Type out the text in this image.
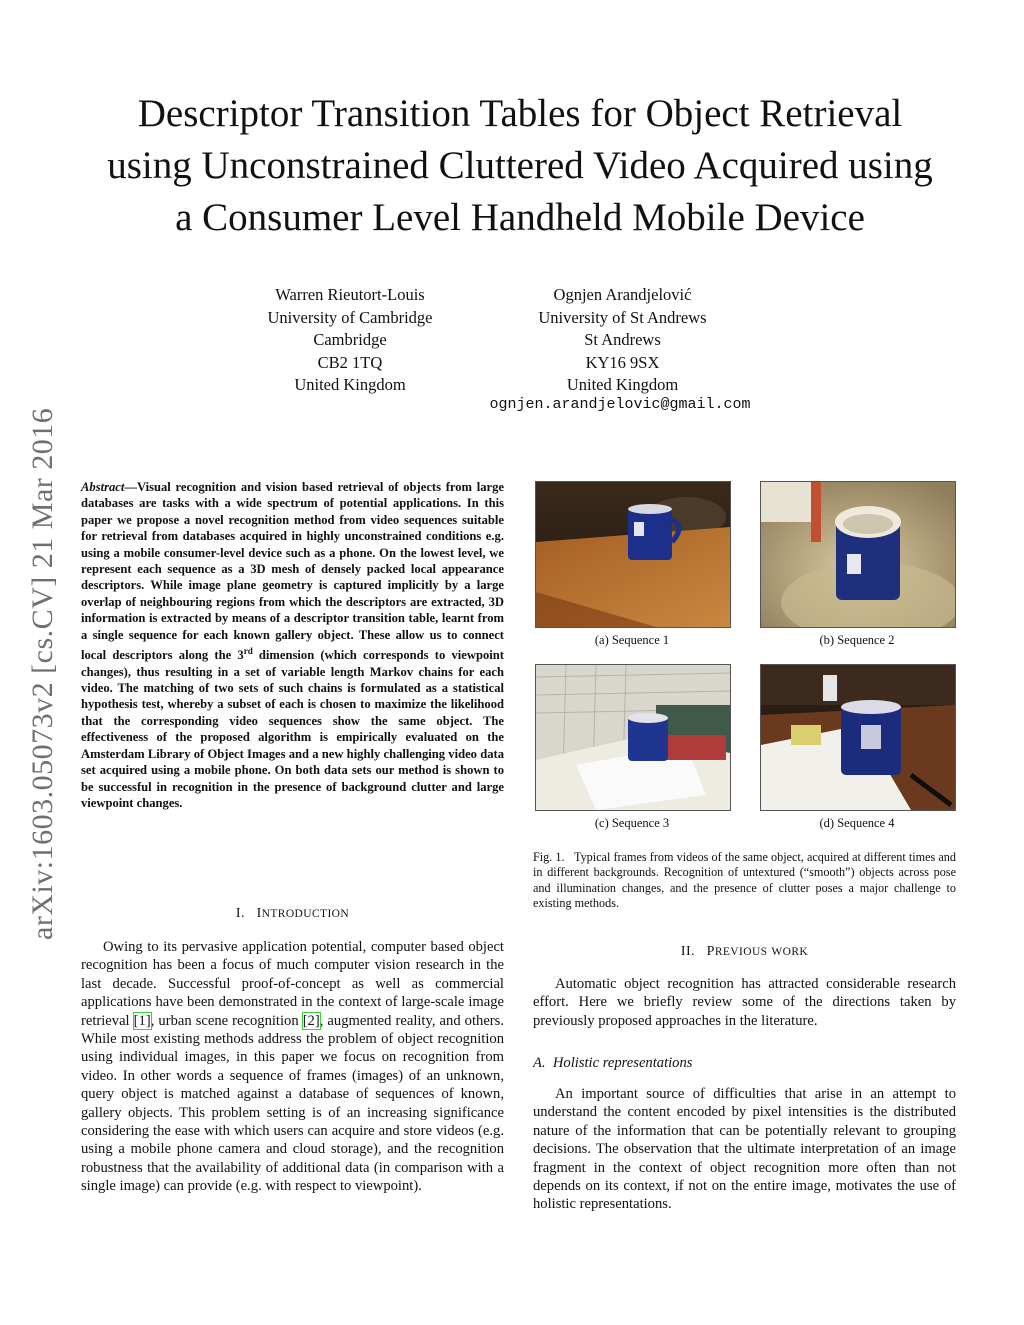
arXiv:1603.05073v2 [cs.CV] 21 Mar 2016
Descriptor Transition Tables for Object Retrieval
using Unconstrained Cluttered Video Acquired using
a Consumer Level Handheld Mobile Device
Warren Rieutort-Louis
University of Cambridge
Cambridge
CB2 1TQ
United Kingdom
Ognjen Arandjelović
University of St Andrews
St Andrews
KY16 9SX
United Kingdom
ognjen.arandjelovic@gmail.com
Abstract—Visual recognition and vision based retrieval of objects from large databases are tasks with a wide spectrum of potential applications. In this paper we propose a novel recognition method from video sequences suitable for retrieval from databases acquired in highly unconstrained conditions e.g. using a mobile consumer-level device such as a phone. On the lowest level, we represent each sequence as a 3D mesh of densely packed local appearance descriptors. While image plane geometry is captured implicitly by a large overlap of neighbouring regions from which the descriptors are extracted, 3D information is extracted by means of a descriptor transition table, learnt from a single sequence for each known gallery object. These allow us to connect local descriptors along the 3rd dimension (which corresponds to viewpoint changes), thus resulting in a set of variable length Markov chains for each video. The matching of two sets of such chains is formulated as a statistical hypothesis test, whereby a subset of each is chosen to maximize the likelihood that the corresponding video sequences show the same object. The effectiveness of the proposed algorithm is empirically evaluated on the Amsterdam Library of Object Images and a new highly challenging video data set acquired using a mobile phone. On both data sets our method is shown to be successful in recognition in the presence of background clutter and large viewpoint changes.
I. INTRODUCTION
Owing to its pervasive application potential, computer based object recognition has been a focus of much computer vision research in the last decade. Successful proof-of-concept as well as commercial applications have been demonstrated in the context of large-scale image retrieval [1], urban scene recognition [2], augmented reality, and others. While most existing methods address the problem of object recognition using individual images, in this paper we focus on recognition from video. In other words a sequence of frames (images) of an unknown, query object is matched against a database of sequences of known, gallery objects. This problem setting is of an increasing significance considering the ease with which users can acquire and store videos (e.g. using a mobile phone camera and cloud storage), and the recognition robustness that the availability of additional data (in comparison with a single image) can provide (e.g. with respect to viewpoint).
(a) Sequence 1	(b) Sequence 2
(c) Sequence 3	(d) Sequence 4
Fig. 1. Typical frames from videos of the same object, acquired at different times and in different backgrounds. Recognition of untextured (“smooth”) objects across pose and illumination changes, and the presence of clutter poses a major challenge to existing methods.
II. PREVIOUS WORK
Automatic object recognition has attracted considerable research effort. Here we briefly review some of the directions taken by previously proposed approaches in the literature.
A. Holistic representations
An important source of difficulties that arise in an attempt to understand the content encoded by pixel intensities is the distributed nature of the information that can be potentially relevant to grouping decisions. The observation that the ultimate interpretation of an image fragment in the context of object recognition more often than not depends on its context, if not on the entire image, motivates the use of holistic representations.
